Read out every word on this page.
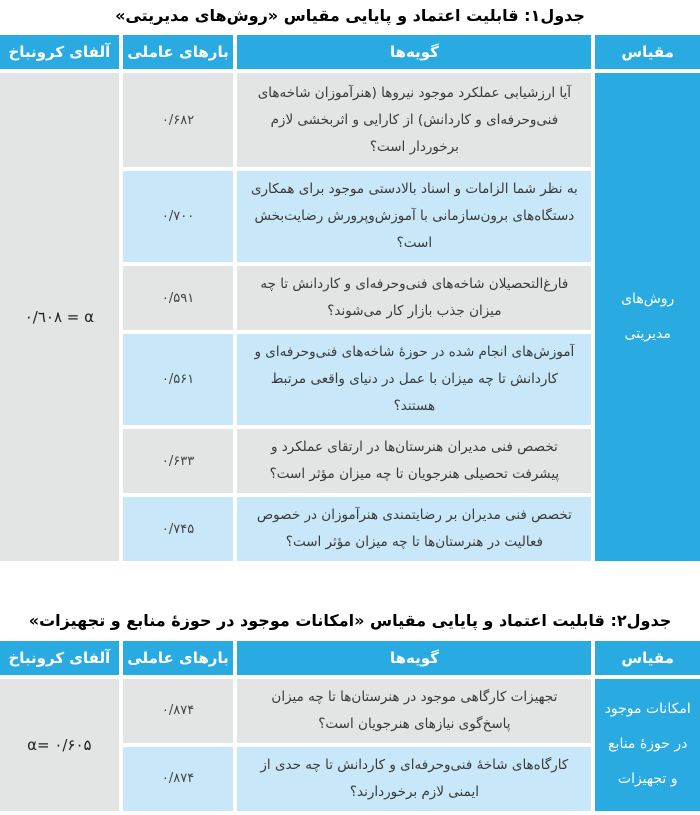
جدول۱: قابلیت اعتماد و پایایی مقیاس «روش‌های مدیریتی»
مقیاس	گویه‌ها	بارهای عاملی	آلفای کرونباخ
روش‌های مدیریتی	آیا ارزشیابی عملکرد موجود نیروها (هنرآموزان شاخه‌های فنی‌وحرفه‌ای و کاردانش) از کارایی و اثربخشی لازم برخوردار است؟	۰/۶۸۲	α = ٠/٦٠٨
	به نظر شما الزامات و اسناد بالادستی موجود برای همکاری دستگاه‌های برون‌سازمانی با آموزش‌وپرورش رضایت‌بخش است؟	۰/۷۰۰	
	فارغ‌التحصیلان شاخه‌های فنی‌وحرفه‌ای و کاردانش تا چه میزان جذب بازار کار می‌شوند؟	۰/۵۹۱	
	آموزش‌های انجام شده در حوزهٔ شاخه‌های فنی‌وحرفه‌ای و کاردانش تا چه میزان با عمل در دنیای واقعی مرتبط هستند؟	۰/۵۶۱	
	تخصص فنی مدیران هنرستان‌ها در ارتقای عملکرد و پیشرفت تحصیلی هنرجویان تا چه میزان مؤثر است؟	۰/۶۳۳	
	تخصص فنی مدیران بر رضایتمندی هنرآموزان در خصوص فعالیت در هنرستان‌ها تا چه میزان مؤثر است؟	۰/۷۴۵	
جدول۲: قابلیت اعتماد و پایایی مقیاس «امکانات موجود در حوزهٔ منابع و تجهیزات»
مقیاس	گویه‌ها	بارهای عاملی	آلفای کرونباخ
امکانات موجود در حوزهٔ منابع و تجهیزات	تجهیزات کارگاهی موجود در هنرستان‌ها تا چه میزان پاسخ‌گوی نیازهای هنرجویان است؟	۰/۸۷۴	α= ۰/۶۰۵
	کارگاه‌های شاخهٔ فنی‌وحرفه‌ای و کاردانش تا چه حدی از ایمنی لازم برخوردارند؟	۰/۸۷۴	
